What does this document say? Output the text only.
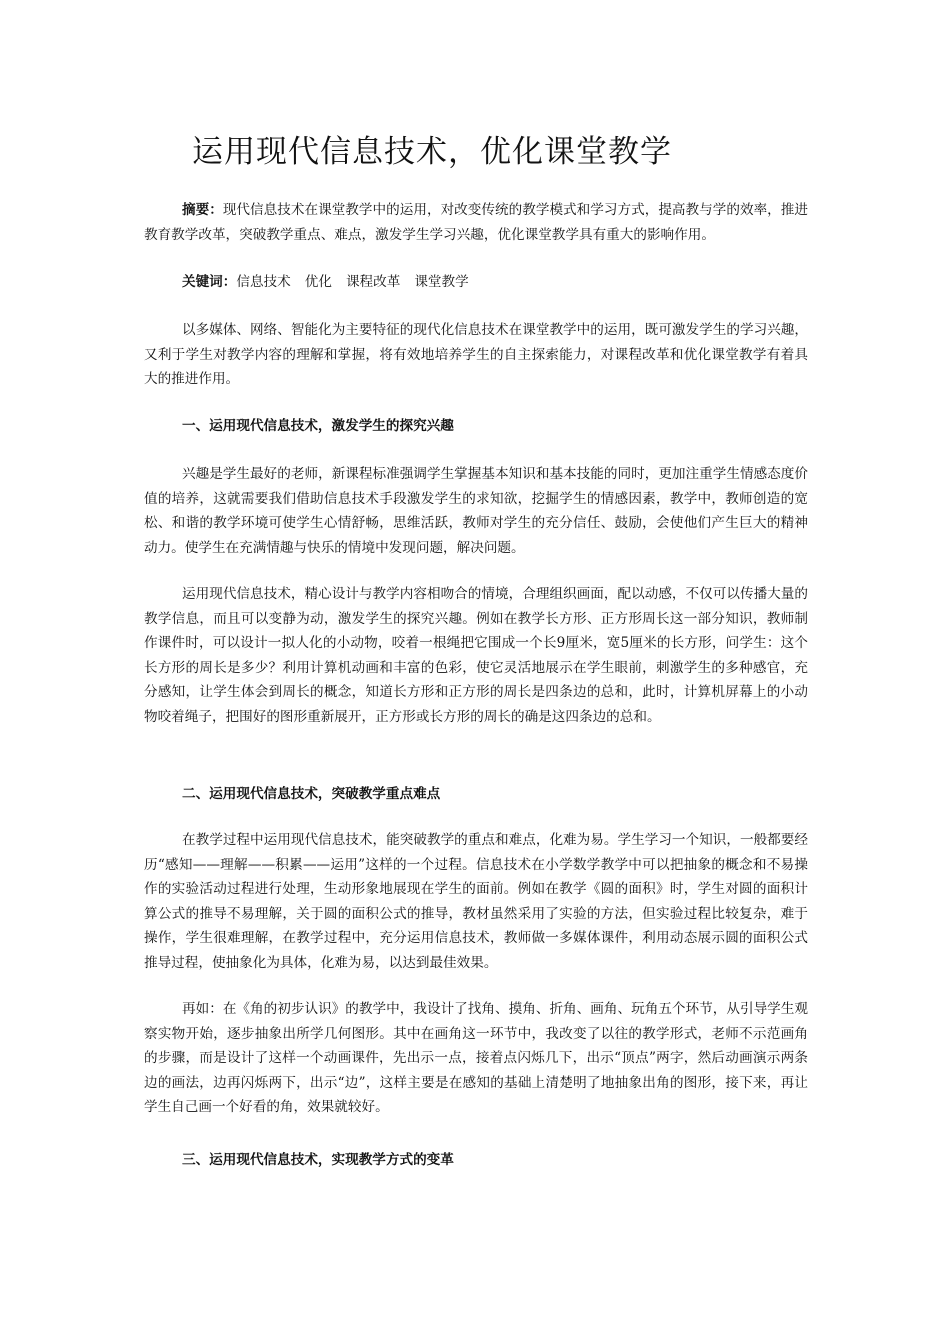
运用现代信息技术，优化课堂教学

摘要：现代信息技术在课堂教学中的运用，对改变传统的教学模式和学习方式，提高教与学的效率，推进教育教学改革，突破教学重点、难点，激发学生学习兴趣，优化课堂教学具有重大的影响作用。

关键词：信息技术 优化 课程改革 课堂教学

以多媒体、网络、智能化为主要特征的现代化信息技术在课堂教学中的运用，既可激发学生的学习兴趣，又利于学生对教学内容的理解和掌握，将有效地培养学生的自主探索能力，对课程改革和优化课堂教学有着具大的推进作用。

一、运用现代信息技术，激发学生的探究兴趣

兴趣是学生最好的老师，新课程标准强调学生掌握基本知识和基本技能的同时，更加注重学生情感态度价值的培养，这就需要我们借助信息技术手段激发学生的求知欲，挖掘学生的情感因素，教学中，教师创造的宽松、和谐的教学环境可使学生心情舒畅，思维活跃，教师对学生的充分信任、鼓励，会使他们产生巨大的精神动力。使学生在充满情趣与快乐的情境中发现问题，解决问题。

运用现代信息技术，精心设计与教学内容相吻合的情境，合理组织画面，配以动感，不仅可以传播大量的教学信息，而且可以变静为动，激发学生的探究兴趣。例如在教学长方形、正方形周长这一部分知识，教师制作课件时，可以设计一拟人化的小动物，咬着一根绳把它围成一个长9厘米，宽5厘米的长方形，问学生：这个长方形的周长是多少？利用计算机动画和丰富的色彩，使它灵活地展示在学生眼前，刺激学生的多种感官，充分感知，让学生体会到周长的概念，知道长方形和正方形的周长是四条边的总和，此时，计算机屏幕上的小动物咬着绳子，把围好的图形重新展开，正方形或长方形的周长的确是这四条边的总和。

二、运用现代信息技术，突破教学重点难点

在教学过程中运用现代信息技术，能突破教学的重点和难点，化难为易。学生学习一个知识，一般都要经历“感知——理解——积累——运用”这样的一个过程。信息技术在小学数学教学中可以把抽象的概念和不易操作的实验活动过程进行处理，生动形象地展现在学生的面前。例如在教学《圆的面积》时，学生对圆的面积计算公式的推导不易理解，关于圆的面积公式的推导，教材虽然采用了实验的方法，但实验过程比较复杂，难于操作，学生很难理解，在教学过程中，充分运用信息技术，教师做一多媒体课件，利用动态展示圆的面积公式推导过程，使抽象化为具体，化难为易，以达到最佳效果。

再如：在《角的初步认识》的教学中，我设计了找角、摸角、折角、画角、玩角五个环节，从引导学生观察实物开始，逐步抽象出所学几何图形。其中在画角这一环节中，我改变了以往的教学形式，老师不示范画角的步骤，而是设计了这样一个动画课件，先出示一点，接着点闪烁几下，出示“顶点”两字，然后动画演示两条边的画法，边再闪烁两下，出示“边”，这样主要是在感知的基础上清楚明了地抽象出角的图形，接下来，再让学生自己画一个好看的角，效果就较好。

三、运用现代信息技术，实现教学方式的变革
